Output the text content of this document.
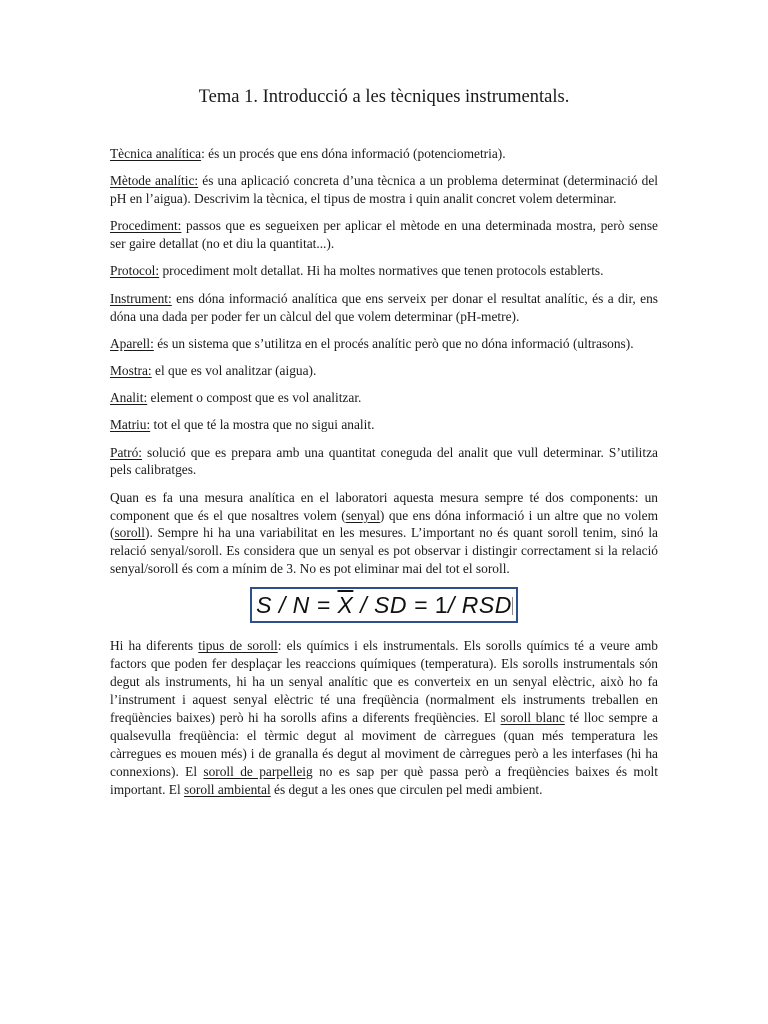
Tema 1. Introducció a les tècniques instrumentals.

Tècnica analítica: és un procés que ens dóna informació (potenciometria).

Mètode analític: és una aplicació concreta d’una tècnica a un problema determinat (determinació del pH en l’aigua). Descrivim la tècnica, el tipus de mostra i quin analit concret volem determinar.

Procediment: passos que es segueixen per aplicar el mètode en una determinada mostra, però sense ser gaire detallat (no et diu la quantitat...).

Protocol: procediment molt detallat. Hi ha moltes normatives que tenen protocols establerts.

Instrument: ens dóna informació analítica que ens serveix per donar el resultat analític, és a dir, ens dóna una dada per poder fer un càlcul del que volem determinar (pH-metre).

Aparell: és un sistema que s’utilitza en el procés analític però que no dóna informació (ultrasons).

Mostra: el que es vol analitzar (aigua).

Analit: element o compost que es vol analitzar.

Matriu: tot el que té la mostra que no sigui analit.

Patró: solució que es prepara amb una quantitat coneguda del analit que vull determinar. S’utilitza pels calibratges.

Quan es fa una mesura analítica en el laboratori aquesta mesura sempre té dos components: un component que és el que nosaltres volem (senyal) que ens dóna informació i un altre que no volem (soroll). Sempre hi ha una variabilitat en les mesures. L’important no és quant soroll tenim, sinó la relació senyal/soroll. Es considera que un senyal es pot observar i distingir correctament si la relació senyal/soroll és com a mínim de 3. No es pot eliminar mai del tot el soroll.

$S / N = \overline{X}$ / SD = 1/ RSD

Hi ha diferents tipus de soroll: els químics i els instrumentals. Els sorolls químics té a veure amb factors que poden fer desplaçar les reaccions químiques (temperatura). Els sorolls instrumentals són degut als instruments, hi ha un senyal analític que es converteix en un senyal elèctric, això ho fa l’instrument i aquest senyal elèctric té una freqüència (normalment els instruments treballen en freqüències baixes) però hi ha sorolls afins a diferents freqüències. El soroll blanc té lloc sempre a qualsevulla freqüència: el tèrmic degut al moviment de càrregues (quan més temperatura les càrregues es mouen més) i de granalla és degut al moviment de càrregues però a les interfases (hi ha connexions). El soroll de parpelleig no es sap per què passa però a freqüències baixes és molt important. El soroll ambiental és degut a les ones que circulen pel medi ambient.
